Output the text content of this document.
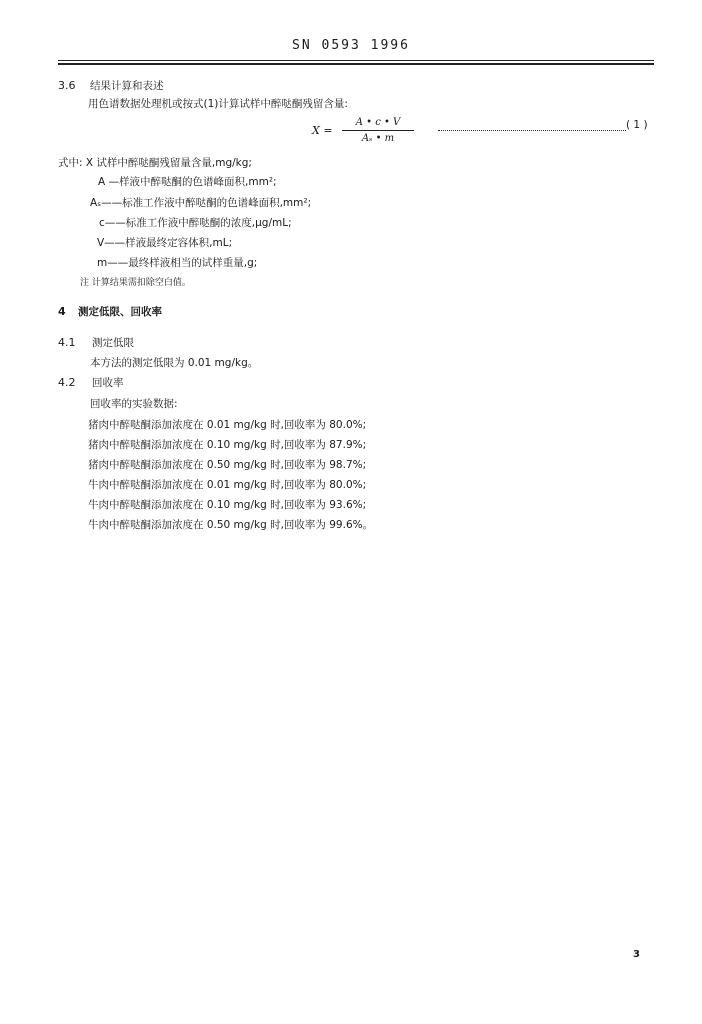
SN 0593 1996
3.6 结果计算和表述
用色谱数据处理机或按式(1)计算试样中醉哒酮残留含量:
X =
A • c • V
Aₛ • m
( 1 )
式中: X 试样中醉哒酮残留量含量,mg/kg;
A —样液中醉哒酮的色谱峰面积,mm²;
Aₛ——标准工作液中醉哒酮的色谱峰面积,mm²;
c——标准工作液中醉哒酮的浓度,μg/mL;
V——样液最终定容体积,mL;
m——最终样液相当的试样重量,g;
注 计算结果需扣除空白值。
4 测定低限、回收率
4.1 测定低限
本方法的测定低限为 0.01 mg/kg。
4.2 回收率
回收率的实验数据:
猪肉中醉哒酮添加浓度在 0.01 mg/kg 时,回收率为 80.0%;
猪肉中醉哒酮添加浓度在 0.10 mg/kg 时,回收率为 87.9%;
猪肉中醉哒酮添加浓度在 0.50 mg/kg 时,回收率为 98.7%;
牛肉中醉哒酮添加浓度在 0.01 mg/kg 时,回收率为 80.0%;
牛肉中醉哒酮添加浓度在 0.10 mg/kg 时,回收率为 93.6%;
牛肉中醉哒酮添加浓度在 0.50 mg/kg 时,回收率为 99.6%。
3
